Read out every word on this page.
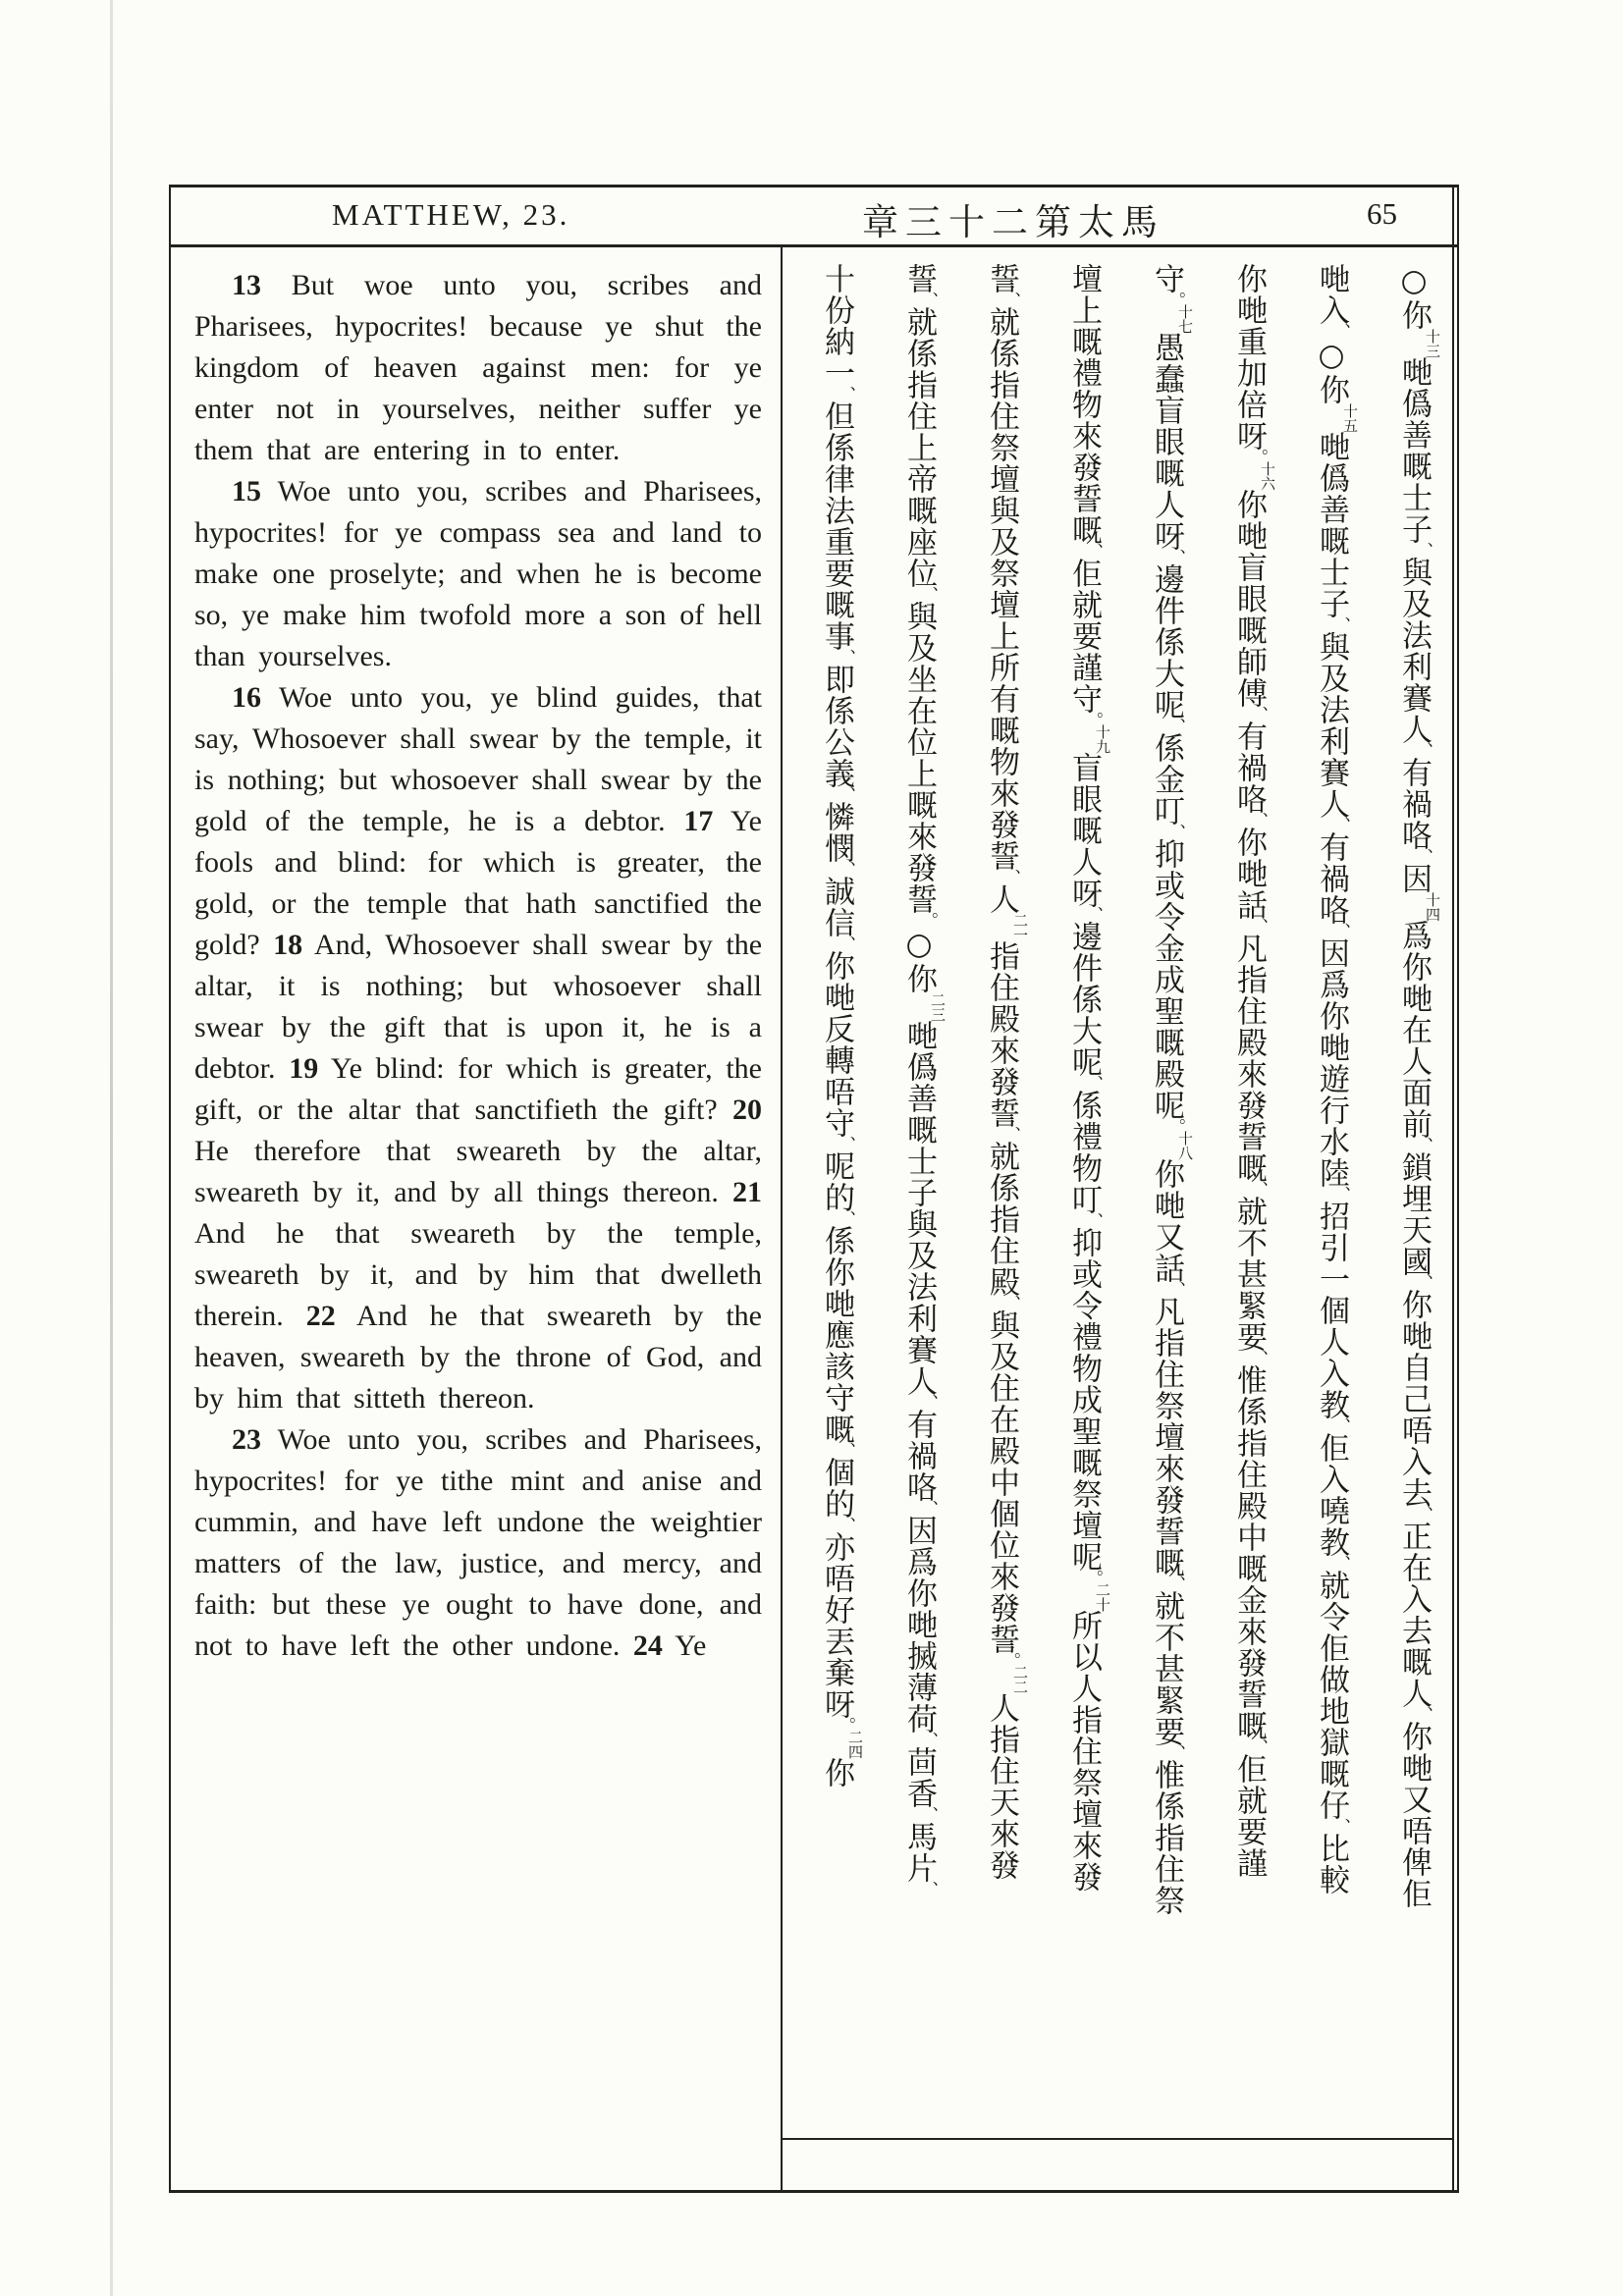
MATTHEW, 23.	章三十二第太馬	65

13 But woe unto you, scribes and Pharisees, hypocrites! because ye shut the kingdom of heaven against men: for ye enter not in yourselves, neither suffer ye them that are entering in to enter.

15 Woe unto you, scribes and Pharisees, hypocrites! for ye compass sea and land to make one proselyte; and when he is become so, ye make him twofold more a son of hell than yourselves.

16 Woe unto you, ye blind guides, that say, Whosoever shall swear by the temple, it is nothing; but whosoever shall swear by the gold of the temple, he is a debtor. 17 Ye fools and blind: for which is greater, the gold, or the temple that hath sanctified the gold? 18 And, Whosoever shall swear by the altar, it is nothing; but whosoever shall swear by the gift that is upon it, he is a debtor. 19 Ye blind: for which is greater, the gift, or the altar that sanctifieth the gift? 20 He therefore that sweareth by the altar, sweareth by it, and by all things thereon. 21 And he that sweareth by the temple, sweareth by it, and by him that dwelleth therein. 22 And he that sweareth by the heaven, sweareth by the throne of God, and by him that sitteth thereon.

23 Woe unto you, scribes and Pharisees, hypocrites! for ye tithe mint and anise and cummin, and have left undone the weightier matters of the law, justice, and mercy, and faith: but these ye ought to have done, and not to have left the other undone. 24 Ye

○你十三哋僞善嘅士子、與及法利賽人、有禍咯、因十四爲你哋在人面前、鎖埋天國、你哋自己唔入去、正在入去嘅人、你哋又唔俾佢
哋入、○你十五哋僞善嘅士子、與及法利賽人、有禍咯、因爲你哋遊行水陸、招引一個人入教、佢入嘵教、就令佢做地獄嘅仔、比較
你哋重加倍呀。十六你哋盲眼嘅師傅、有禍咯、你哋話、凡指住殿來發誓嘅、就不甚緊要、惟係指住殿中嘅金來發誓嘅、佢就要謹
守。十七愚蠢盲眼嘅人呀、邊件係大呢、係金叮、抑或令金成聖嘅殿呢。十八你哋又話、凡指住祭壇來發誓嘅、就不甚緊要、惟係指住祭
壇上嘅禮物來發誓嘅、佢就要謹守。十九盲眼嘅人呀、邊件係大呢、係禮物叮、抑或令禮物成聖嘅祭壇呢。二十所以人指住祭壇來發
誓、就係指住祭壇與及祭壇上所有嘅物來發誓、人二一指住殿來發誓、就係指住殿、與及住在殿中個位來發誓。二二人指住天來發
誓、就係指住上帝嘅座位、與及坐在位上嘅來發誓。○你二三哋僞善嘅士子與及法利賽人、有禍咯、因爲你哋搣薄荷、茴香、馬片、
十份納一、但係律法重要嘅事、即係公義、憐憫、誠信、你哋反轉唔守、呢的、係你哋應該守嘅、個的、亦唔好丟棄呀。二四你
